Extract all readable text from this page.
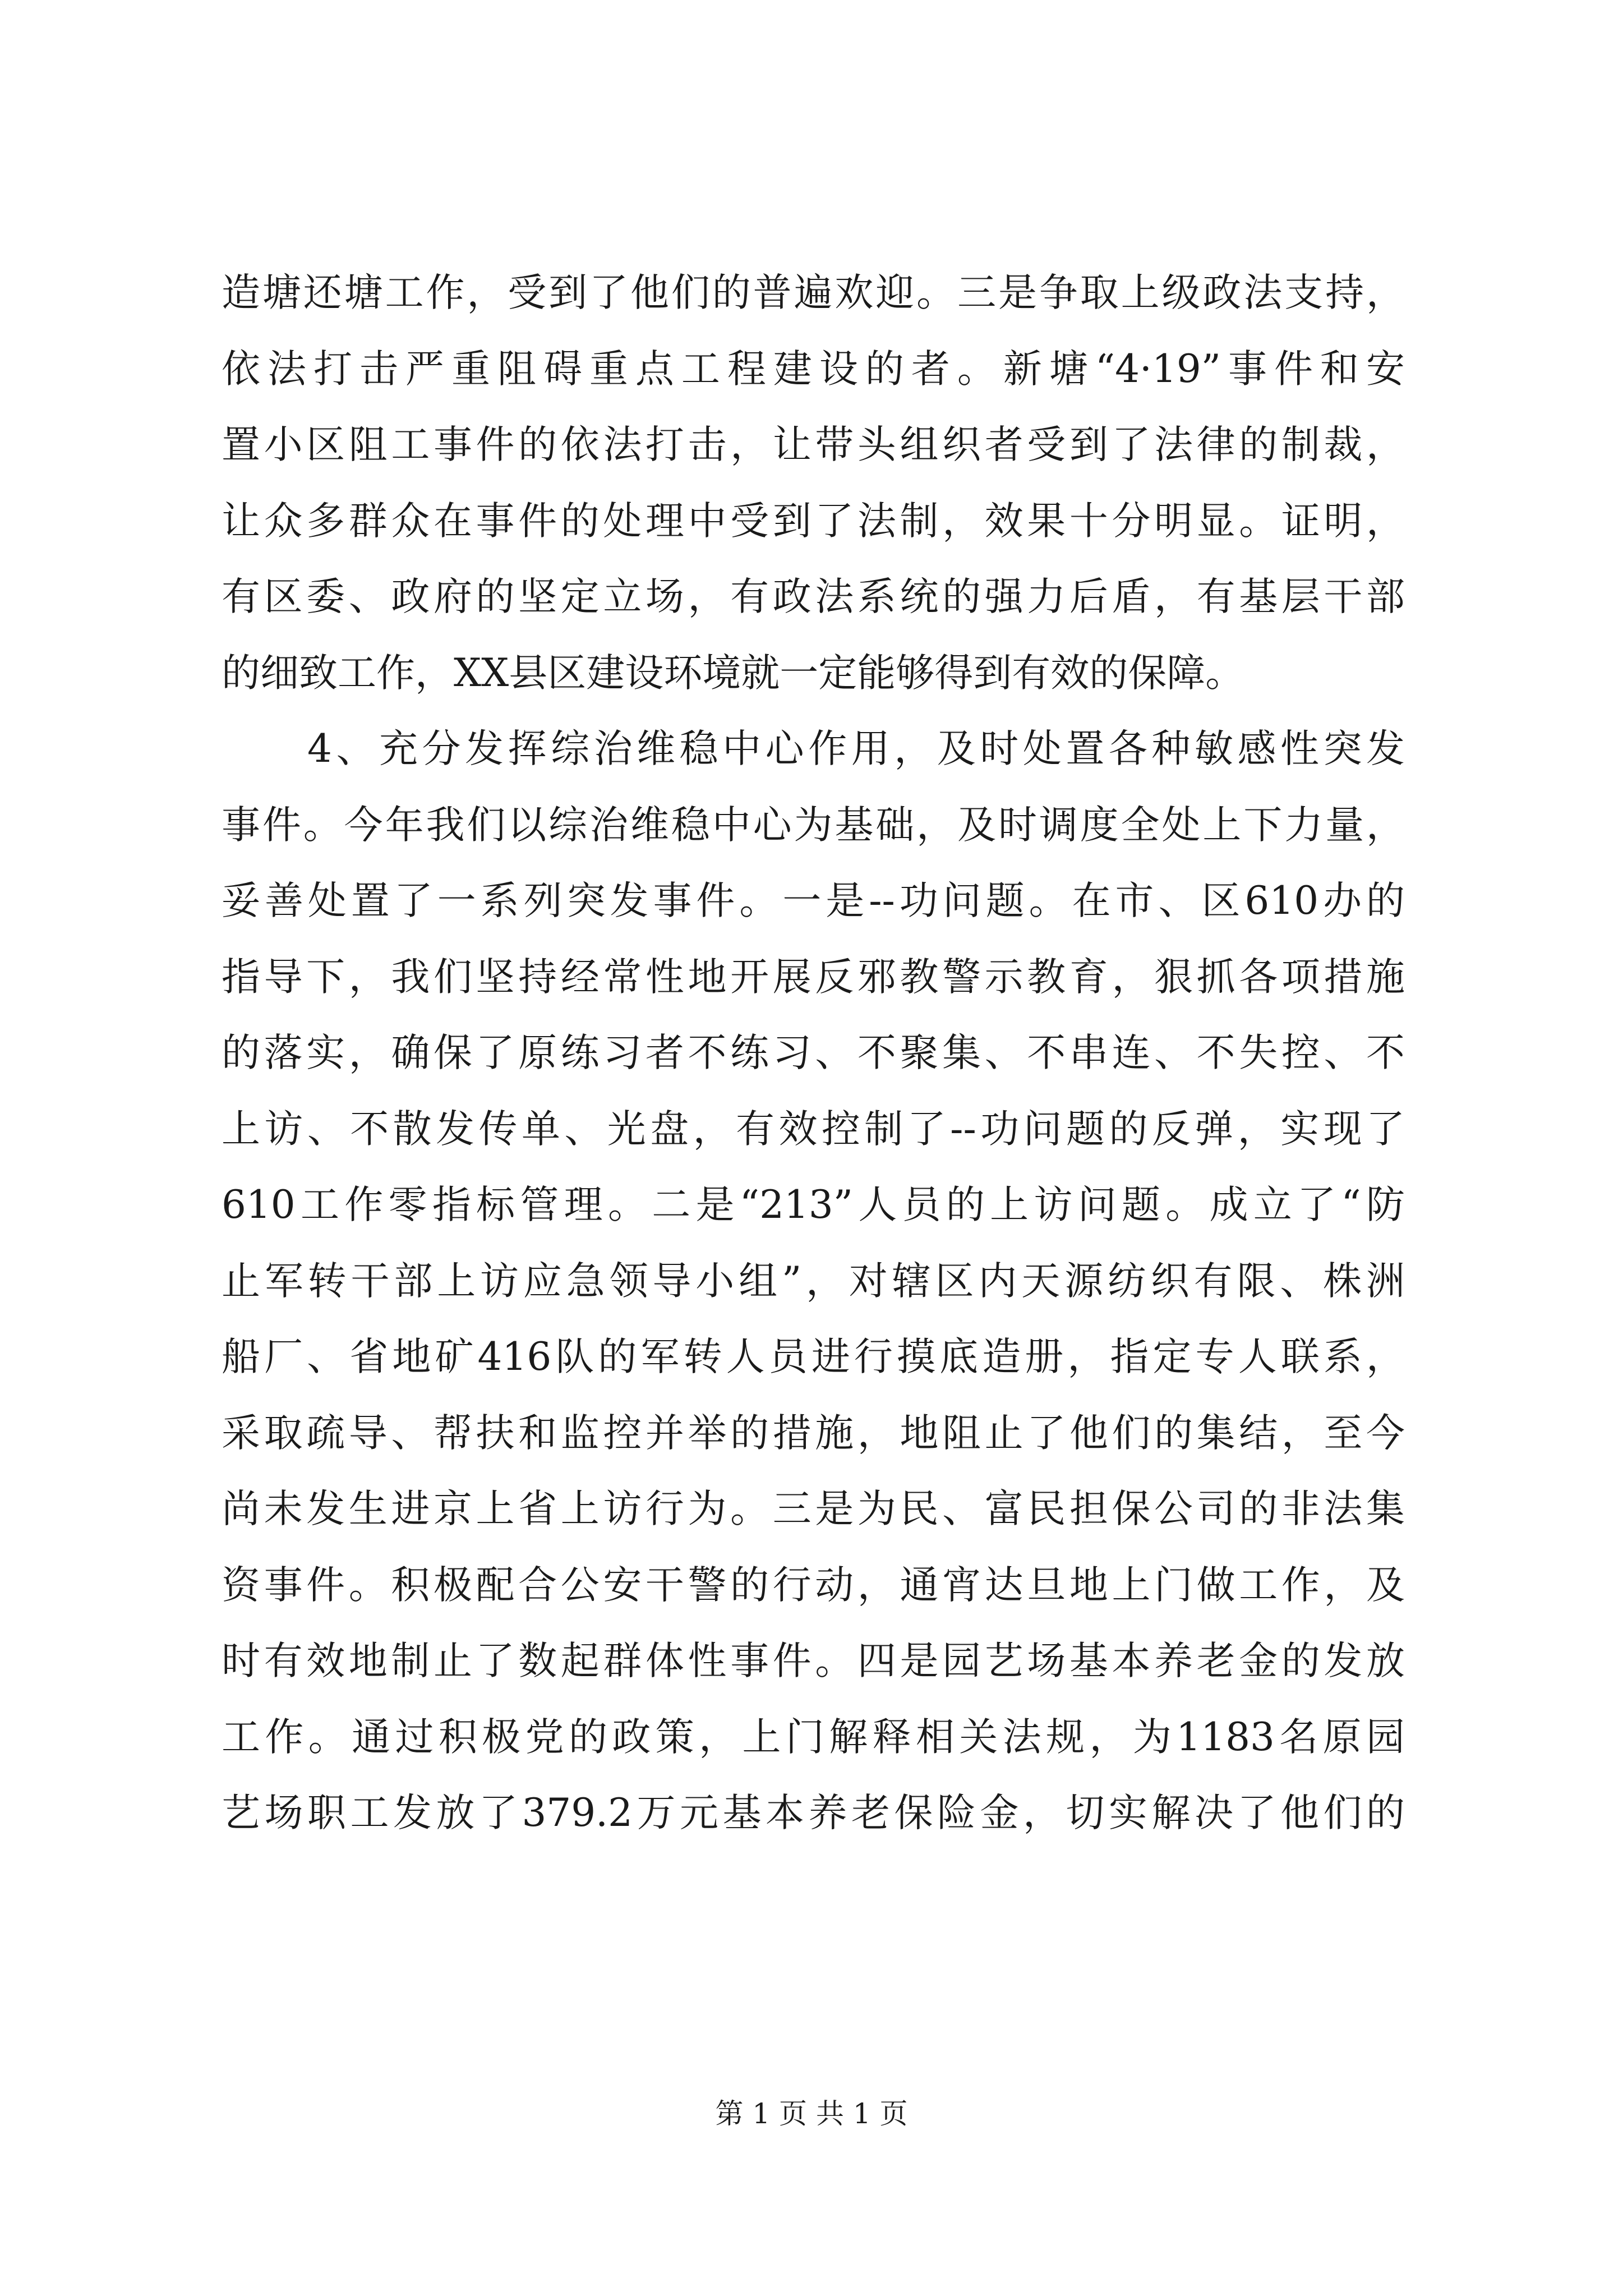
造塘还塘工作，受到了他们的普遍欢迎。三是争取上级政法支持，
依法打击严重阻碍重点工程建设的者。新塘“4·19”事件和安
置小区阻工事件的依法打击，让带头组织者受到了法律的制裁，
让众多群众在事件的处理中受到了法制，效果十分明显。证明，
有区委、政府的坚定立场，有政法系统的强力后盾，有基层干部
的细致工作，XX县区建设环境就一定能够得到有效的保障。
　　4、充分发挥综治维稳中心作用，及时处置各种敏感性突发
事件。今年我们以综治维稳中心为基础，及时调度全处上下力量，
妥善处置了一系列突发事件。一是--功问题。在市、区610办的
指导下，我们坚持经常性地开展反邪教警示教育，狠抓各项措施
的落实，确保了原练习者不练习、不聚集、不串连、不失控、不
上访、不散发传单、光盘，有效控制了--功问题的反弹，实现了
610工作零指标管理。二是“213”人员的上访问题。成立了“防
止军转干部上访应急领导小组”，对辖区内天源纺织有限、株洲
船厂、省地矿416队的军转人员进行摸底造册，指定专人联系，
采取疏导、帮扶和监控并举的措施，地阻止了他们的集结，至今
尚未发生进京上省上访行为。三是为民、富民担保公司的非法集
资事件。积极配合公安干警的行动，通宵达旦地上门做工作，及
时有效地制止了数起群体性事件。四是园艺场基本养老金的发放
工作。通过积极党的政策，上门解释相关法规，为1183名原园
艺场职工发放了379.2万元基本养老保险金，切实解决了他们的
第 1 页 共 1 页
